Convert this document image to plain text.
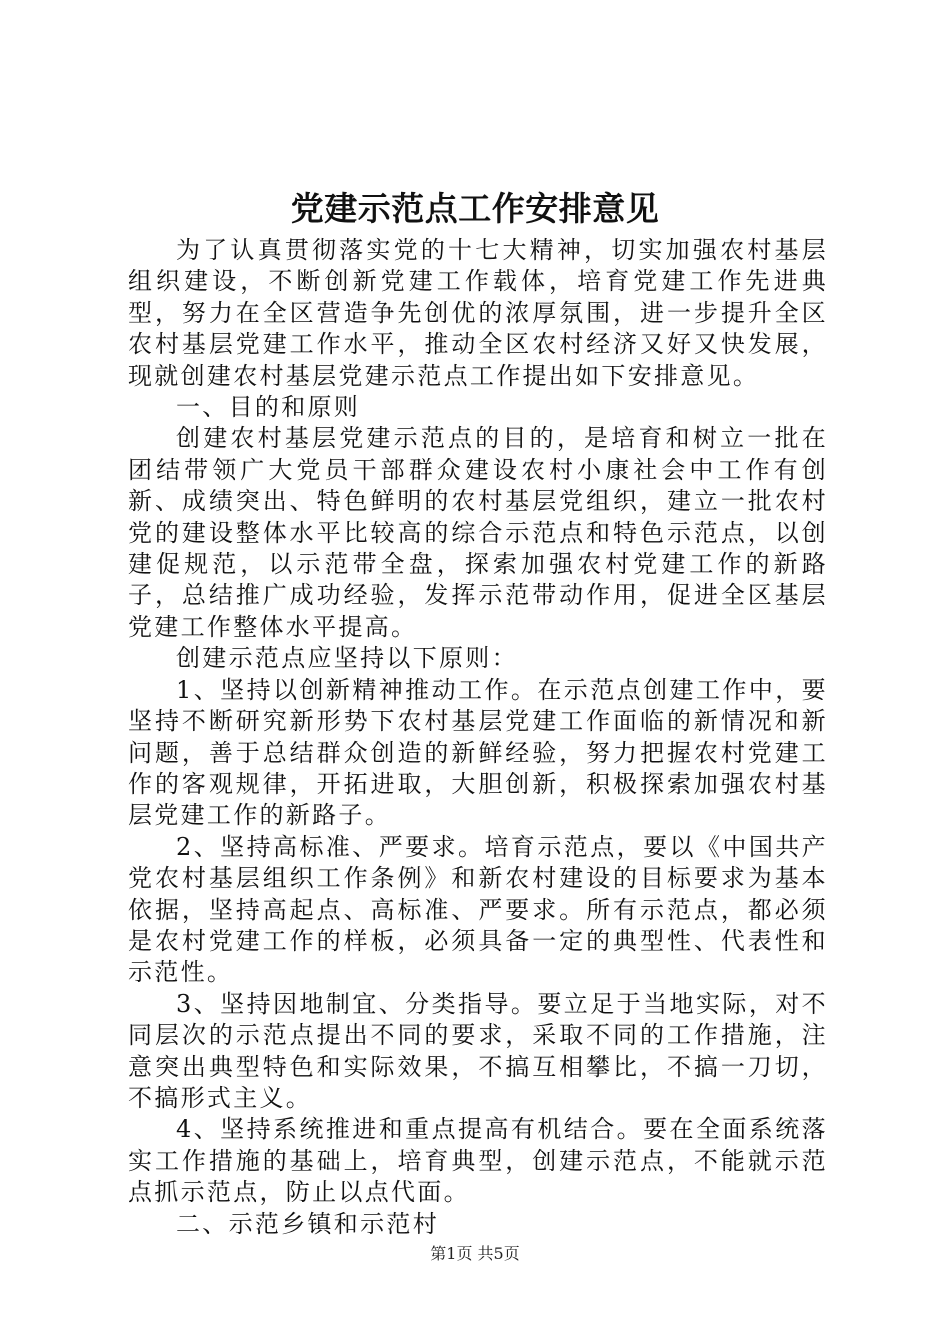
党建示范点工作安排意见

为了认真贯彻落实党的十七大精神，切实加强农村基层组织建设，不断创新党建工作载体，培育党建工作先进典型，努力在全区营造争先创优的浓厚氛围，进一步提升全区农村基层党建工作水平，推动全区农村经济又好又快发展，现就创建农村基层党建示范点工作提出如下安排意见。

一、目的和原则

创建农村基层党建示范点的目的，是培育和树立一批在团结带领广大党员干部群众建设农村小康社会中工作有创新、成绩突出、特色鲜明的农村基层党组织，建立一批农村党的建设整体水平比较高的综合示范点和特色示范点，以创建促规范，以示范带全盘，探索加强农村党建工作的新路子，总结推广成功经验，发挥示范带动作用，促进全区基层党建工作整体水平提高。

创建示范点应坚持以下原则：

1、坚持以创新精神推动工作。在示范点创建工作中，要坚持不断研究新形势下农村基层党建工作面临的新情况和新问题，善于总结群众创造的新鲜经验，努力把握农村党建工作的客观规律，开拓进取，大胆创新，积极探索加强农村基层党建工作的新路子。

2、坚持高标准、严要求。培育示范点，要以《中国共产党农村基层组织工作条例》和新农村建设的目标要求为基本依据，坚持高起点、高标准、严要求。所有示范点，都必须是农村党建工作的样板，必须具备一定的典型性、代表性和示范性。

3、坚持因地制宜、分类指导。要立足于当地实际，对不同层次的示范点提出不同的要求，采取不同的工作措施，注意突出典型特色和实际效果，不搞互相攀比，不搞一刀切，不搞形式主义。

4、坚持系统推进和重点提高有机结合。要在全面系统落实工作措施的基础上，培育典型，创建示范点，不能就示范点抓示范点，防止以点代面。

二、示范乡镇和示范村

第1页 共5页
